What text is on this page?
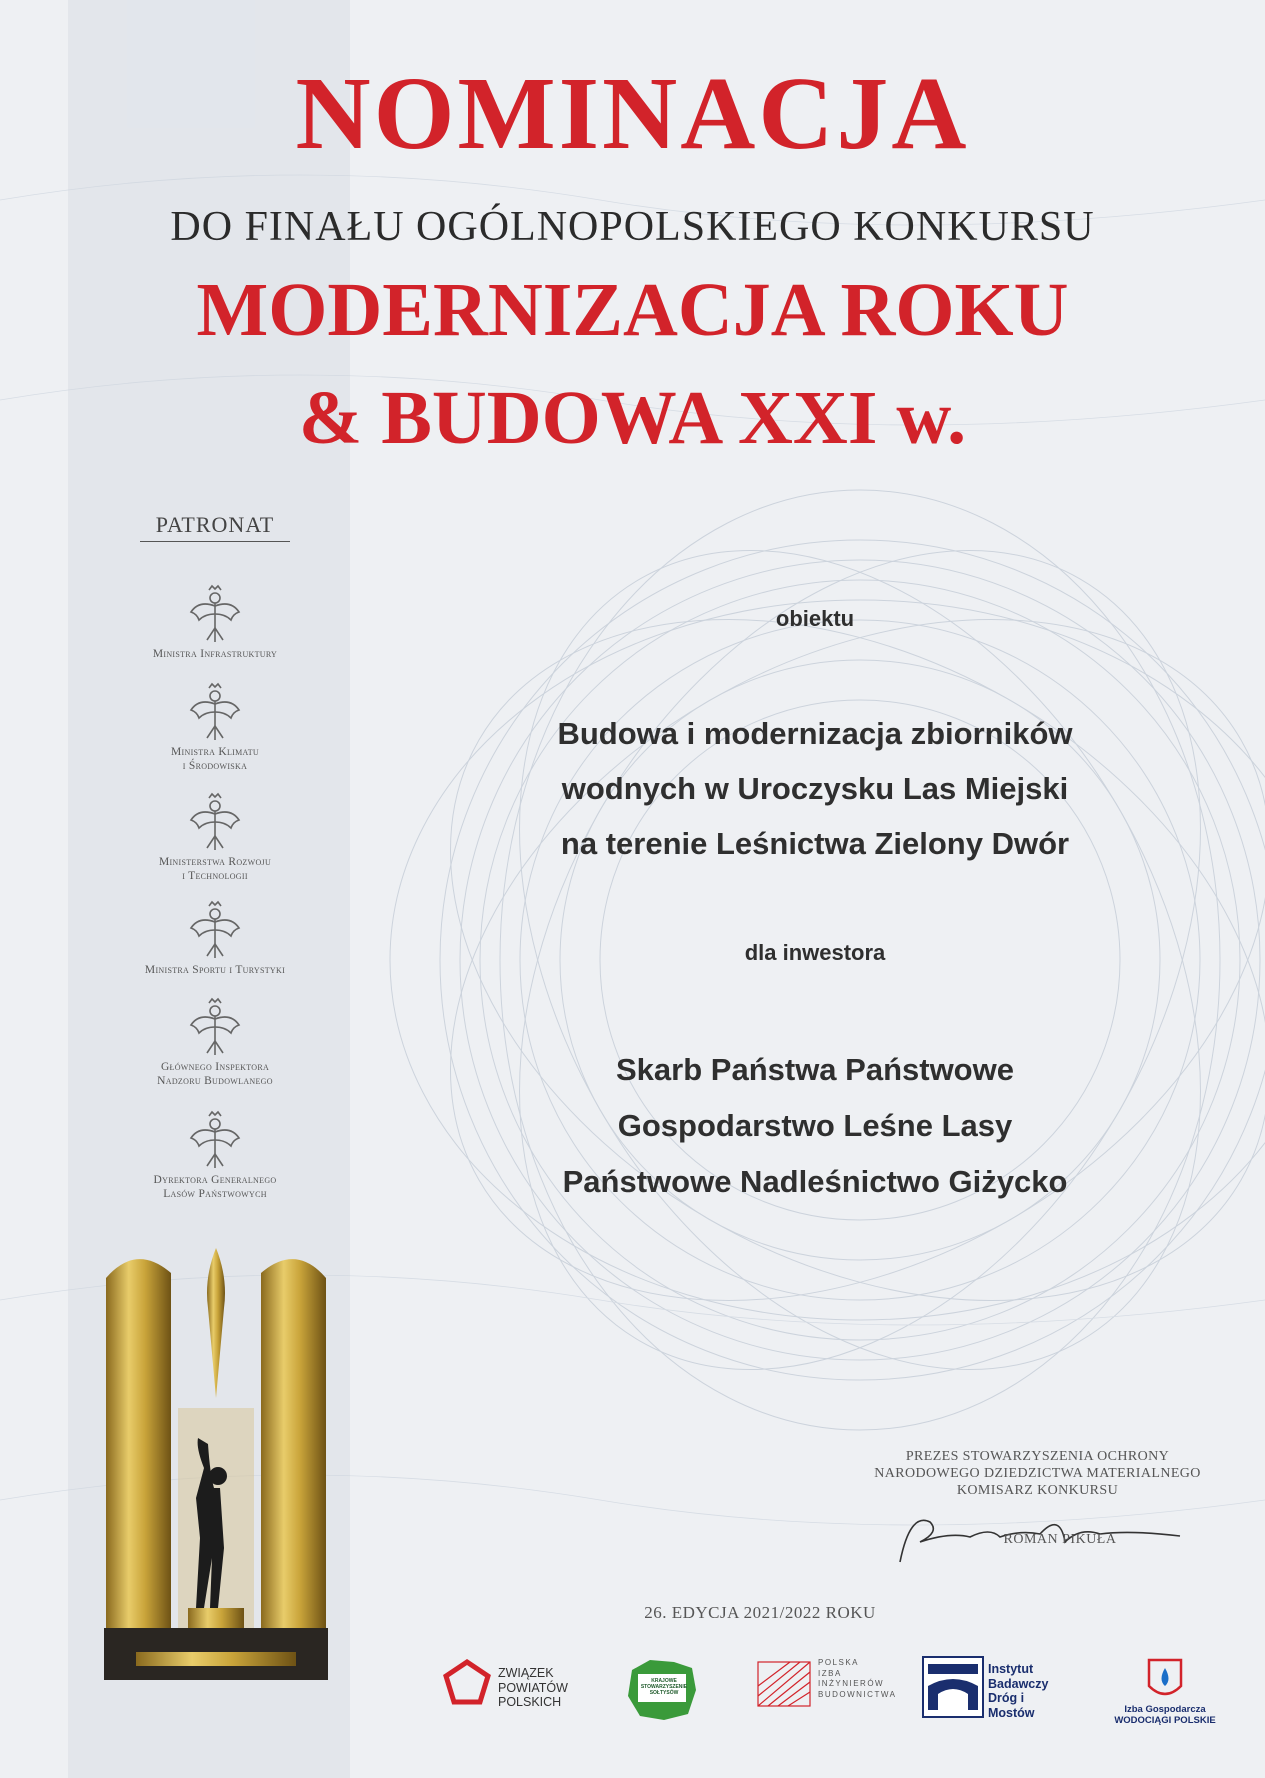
NOMINACJA
DO FINAŁU OGÓLNOPOLSKIEGO KONKURSU
MODERNIZACJA ROKU
& BUDOWA XXI w.
PATRONAT
Ministra Infrastruktury
Ministra Klimatu
i Środowiska
Ministerstwa Rozwoju
i Technologii
Ministra Sportu i Turystyki
Głównego Inspektora
Nadzoru Budowlanego
Dyrektora Generalnego
Lasów Państwowych
obiektu
Budowa i modernizacja zbiorników
wodnych w Uroczysku Las Miejski
na terenie Leśnictwa Zielony Dwór
dla inwestora
Skarb Państwa Państwowe
Gospodarstwo Leśne Lasy
Państwowe Nadleśnictwo Giżycko
PREZES STOWARZYSZENIA OCHRONY
NARODOWEGO DZIEDZICTWA MATERIALNEGO
KOMISARZ KONKURSU
ROMAN PIKUŁA
26. EDYCJA 2021/2022 ROKU
ZWIĄZEK
POWIATÓW
POLSKICH
KRAJOWE
STOWARZYSZENIE
SOŁTYSÓW
POLSKA
IZBA
INŻYNIERÓW
BUDOWNICTWA
Instytut
Badawczy
Dróg i Mostów	Izba Gospodarcza
WODOCIĄGI POLSKIE
